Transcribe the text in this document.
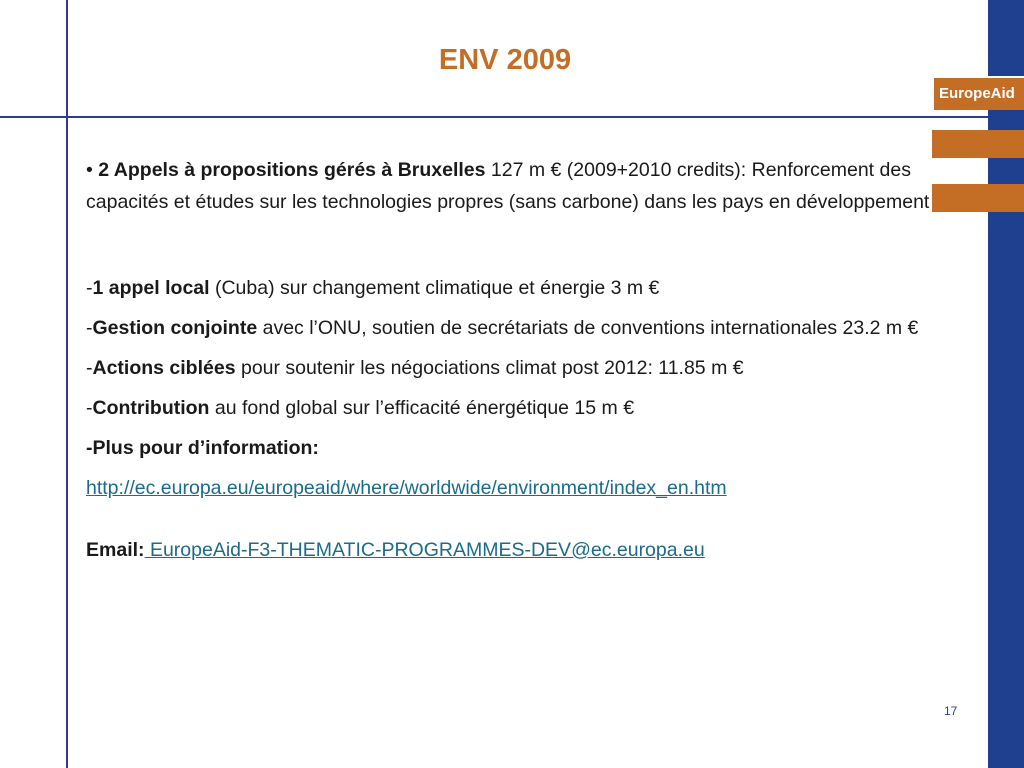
EuropeAid
ENV 2009

• 2 Appels à propositions gérés à Bruxelles 127 m € (2009+2010 credits): Renforcement des capacités et études sur les technologies propres (sans carbone) dans les pays en développement

-1 appel local (Cuba) sur changement climatique et énergie 3 m €

-Gestion conjointe avec l’ONU, soutien de secrétariats de conventions internationales 23.2 m €

-Actions ciblées pour soutenir les négociations climat post 2012: 11.85 m €

-Contribution au fond global sur l’efficacité énergétique 15 m €

-Plus pour d’information:

http://ec.europa.eu/europeaid/where/worldwide/environment/index_en.htm

Email: EuropeAid-F3-THEMATIC-PROGRAMMES-DEV@ec.europa.eu

17
